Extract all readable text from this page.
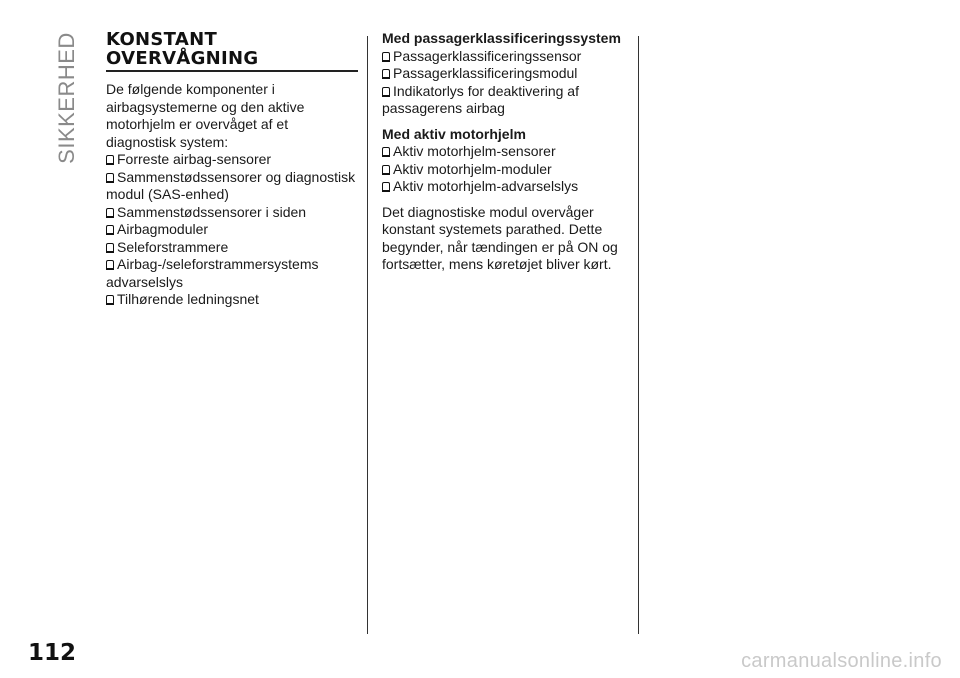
SIKKERHED KONSTANT
OVERVÅGNING

De følgende komponenter i airbagsystemerne og den aktive motorhjelm er overvåget af et diagnostisk system:

Forreste airbag-sensorer
Sammenstødssensorer og diagnostisk modul (SAS-enhed)
Sammenstødssensorer i siden
Airbagmoduler
Seleforstrammere
Airbag-/seleforstrammersystems advarselslys
Tilhørende ledningsnet
Med passagerklassificeringssystem
Passagerklassificeringssensor
Passagerklassificeringsmodul
Indikatorlys for deaktivering af passagerens airbag
Med aktiv motorhjelm
Aktiv motorhjelm-sensorer
Aktiv motorhjelm-moduler
Aktiv motorhjelm-advarselslys

Det diagnostiske modul overvåger konstant systemets parathed. Dette begynder, når tændingen er på ON og fortsætter, mens køretøjet bliver kørt.

112	carmanualsonline.info
